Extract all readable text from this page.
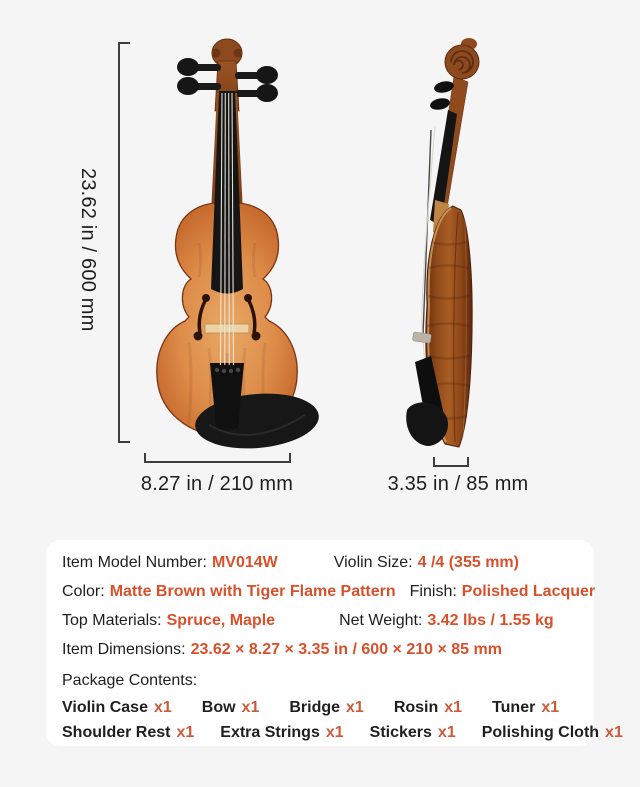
23.62 in / 600 mm
8.27 in / 210 mm	3.35 in / 85 mm
Item Model Number: MV014W	Violin Size: 4 /4 (355 mm)
Color: Matte Brown with Tiger Flame Pattern Finish: Polished Lacquer
Top Materials: Spruce, Maple	Net Weight: 3.42 lbs / 1.55 kg
Item Dimensions: 23.62 × 8.27 × 3.35 in / 600 × 210 × 85 mm
Package Contents:
Violin Case x1 Bow x1 Bridge x1 Rosin x1 Tuner x1
Shoulder Rest x1 Extra Strings x1 Stickers x1 Polishing Cloth x1
